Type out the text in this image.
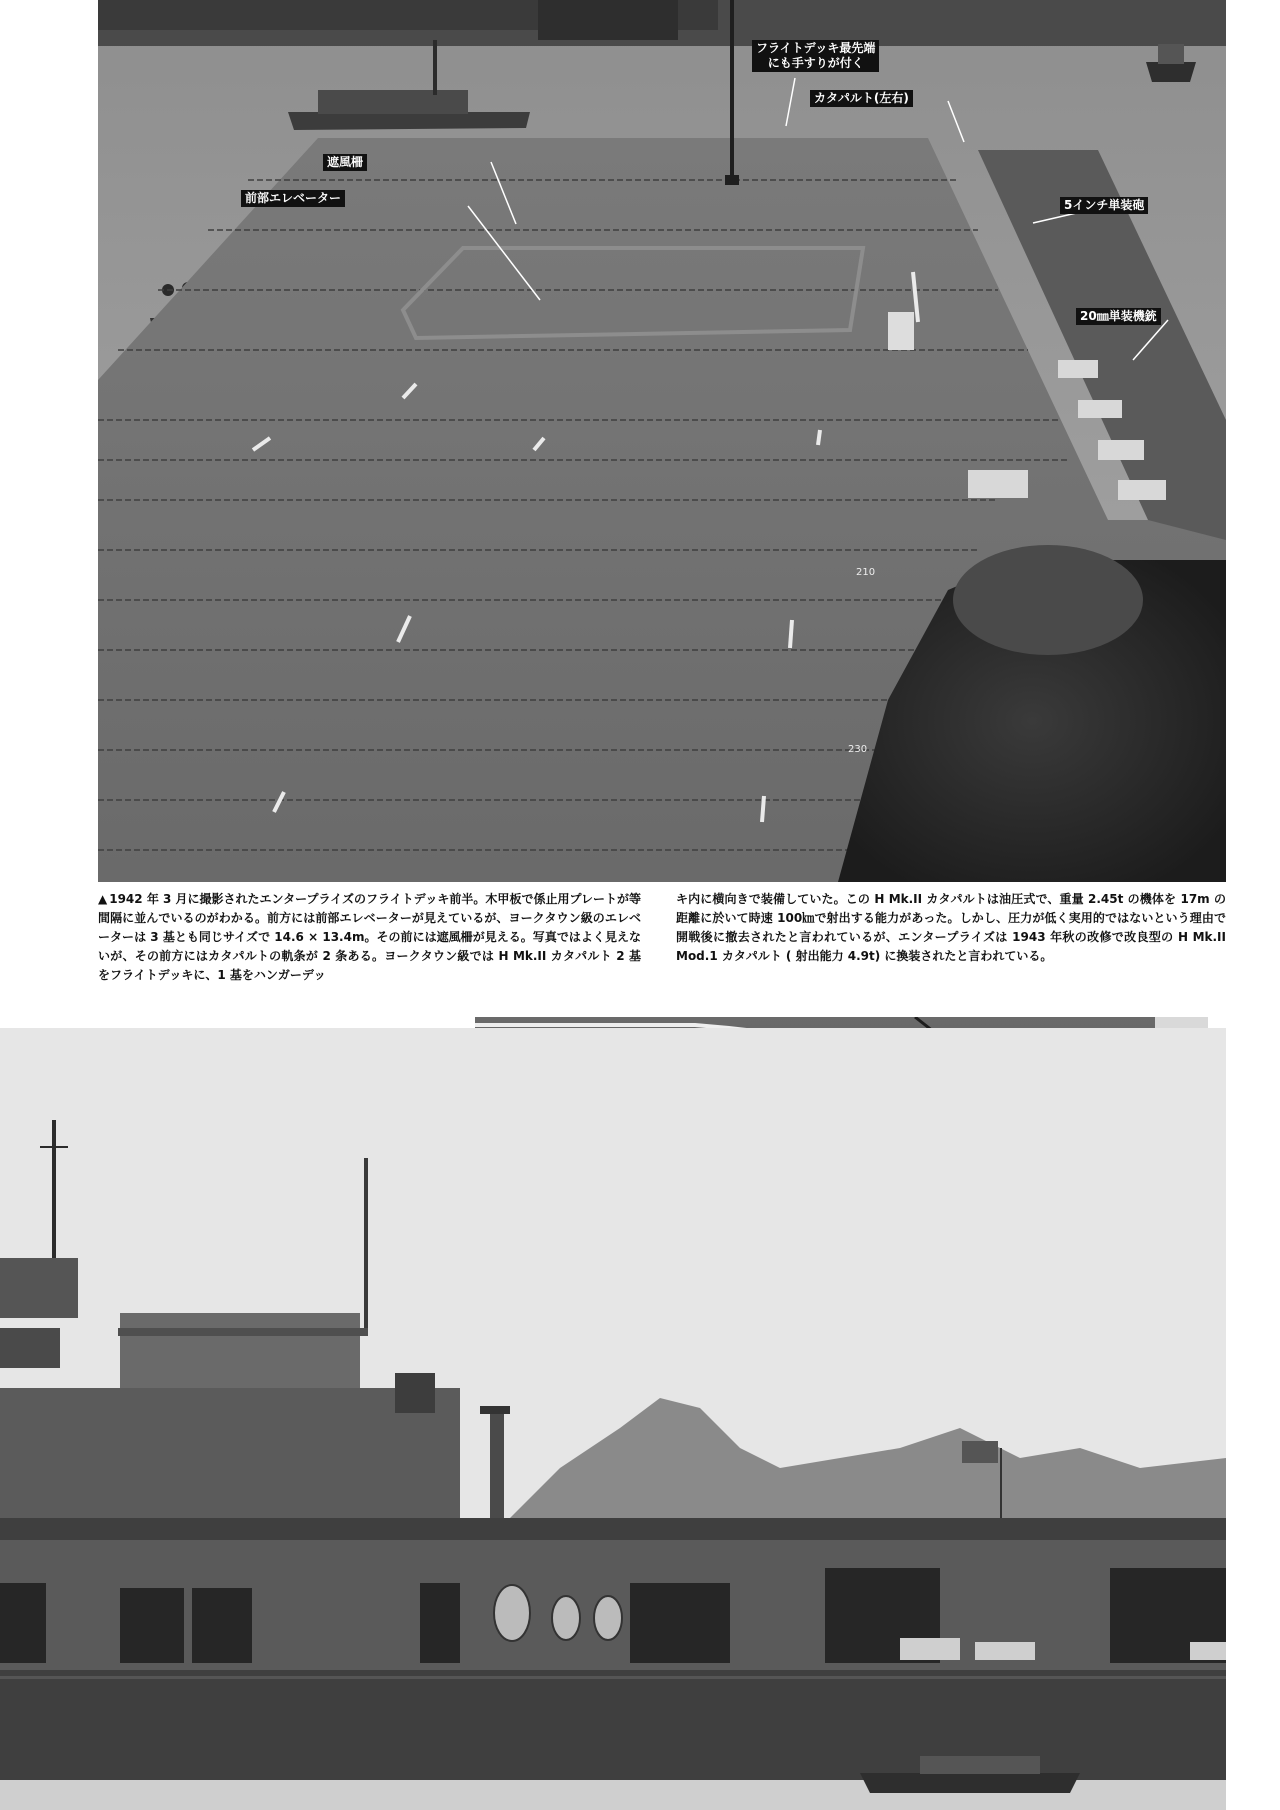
210
230
フライトデッキ最先端
にも手すりが付く
カタパルト(左右)
遮風柵
前部エレベーター	5インチ単装砲
20㎜単装機銃
▲ 1942 年 3 月に撮影されたエンタープライズのフライトデッキ前半。木甲板で係止用プレートが等間隔に並んでいるのがわかる。前方には前部エレベーターが見えているが、ヨークタウン級のエレベーターは 3 基とも同じサイズで 14.6 × 13.4m。その前には遮風柵が見える。写真ではよく見えないが、その前方にはカタパルトの軌条が 2 条ある。ヨークタウン級では H Mk.II カタパルト 2 基をフライトデッキに、1 基をハンガーデッ
キ内に横向きで装備していた。この H Mk.II カタパルトは油圧式で、重量 2.45t の機体を 17m の距離に於いて時速 100㎞で射出する能力があった。しかし、圧力が低く実用的ではないという理由で開戦後に撤去されたと言われているが、エンタープライズは 1943 年秋の改修で改良型の H Mk.II Mod.1 カタパルト ( 射出能力 4.9t) に換装されたと言われている。
